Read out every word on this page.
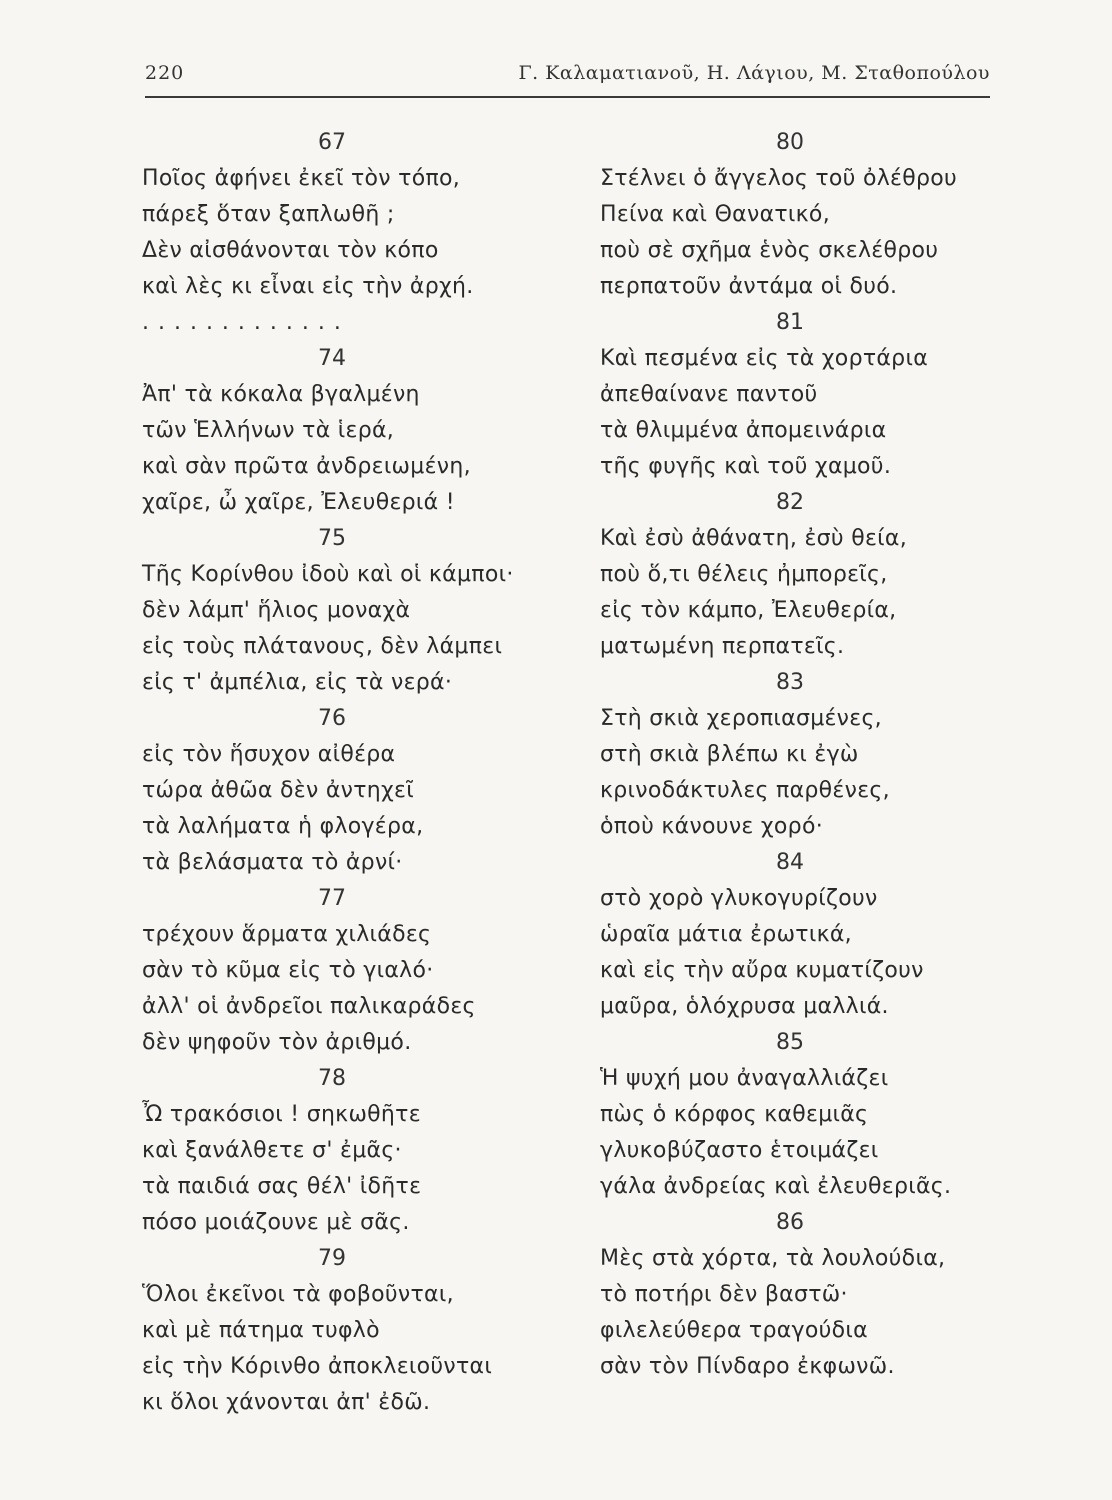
220	Γ. Καλαματιανοῦ, Η. Λάγιου, Μ. Σταθοπούλου
67
Ποῖος ἀφήνει ἐκεῖ τὸν τόπο,
πάρεξ ὅταν ξαπλωθῆ ;
Δὲν αἰσθάνονται τὸν κόπο
καὶ λὲς κι εἶναι εἰς τὴν ἀρχή.
. . . . . . . . . . . . .
74
Ἀπ' τὰ κόκαλα βγαλμένη
τῶν Ἑλλήνων τὰ ἱερά,
καὶ σὰν πρῶτα ἀνδρειωμένη,
χαῖρε, ὦ χαῖρε, Ἐλευθεριά !
75
Τῆς Κορίνθου ἰδοὺ καὶ οἱ κάμποι·
δὲν λάμπ' ἥλιος μοναχὰ
εἰς τοὺς πλάτανους, δὲν λάμπει
εἰς τ' ἀμπέλια, εἰς τὰ νερά·
76
εἰς τὸν ἥσυχον αἰθέρα
τώρα ἀθῶα δὲν ἀντηχεῖ
τὰ λαλήματα ἡ φλογέρα,
τὰ βελάσματα τὸ ἀρνί·
77
τρέχουν ἅρματα χιλιάδες
σὰν τὸ κῦμα εἰς τὸ γιαλό·
ἀλλ' οἱ ἀνδρεῖοι παλικαράδες
δὲν ψηφοῦν τὸν ἀριθμό.
78
Ὦ τρακόσιοι ! σηκωθῆτε
καὶ ξανάλθετε σ' ἐμᾶς·
τὰ παιδιά σας θέλ' ἰδῆτε
πόσο μοιάζουνε μὲ σᾶς.
79
Ὅλοι ἐκεῖνοι τὰ φοβοῦνται,
καὶ μὲ πάτημα τυφλὸ
εἰς τὴν Κόρινθο ἀποκλειοῦνται
κι ὅλοι χάνονται ἀπ' ἐδῶ.
80
Στέλνει ὁ ἄγγελος τοῦ ὀλέθρου
Πείνα καὶ Θανατικό,
ποὺ σὲ σχῆμα ἑνὸς σκελέθρου
περπατοῦν ἀντάμα οἱ δυό.
81
Καὶ πεσμένα εἰς τὰ χορτάρια
ἀπεθαίνανε παντοῦ
τὰ θλιμμένα ἀπομεινάρια
τῆς φυγῆς καὶ τοῦ χαμοῦ.
82
Καὶ ἐσὺ ἀθάνατη, ἐσὺ θεία,
ποὺ ὅ,τι θέλεις ἠμπορεῖς,
εἰς τὸν κάμπο, Ἐλευθερία,
ματωμένη περπατεῖς.
83
Στὴ σκιὰ χεροπιασμένες,
στὴ σκιὰ βλέπω κι ἐγὼ
κρινοδάκτυλες παρθένες,
ὁποὺ κάνουνε χορό·
84
στὸ χορὸ γλυκογυρίζουν
ὡραῖα μάτια ἐρωτικά,
καὶ εἰς τὴν αὔρα κυματίζουν
μαῦρα, ὁλόχρυσα μαλλιά.
85
Ἡ ψυχή μου ἀναγαλλιάζει
πὼς ὁ κόρφος καθεμιᾶς
γλυκοβύζαστο ἑτοιμάζει
γάλα ἀνδρείας καὶ ἐλευθεριᾶς.
86
Μὲς στὰ χόρτα, τὰ λουλούδια,
τὸ ποτήρι δὲν βαστῶ·
φιλελεύθερα τραγούδια
σὰν τὸν Πίνδαρο ἐκφωνῶ.
